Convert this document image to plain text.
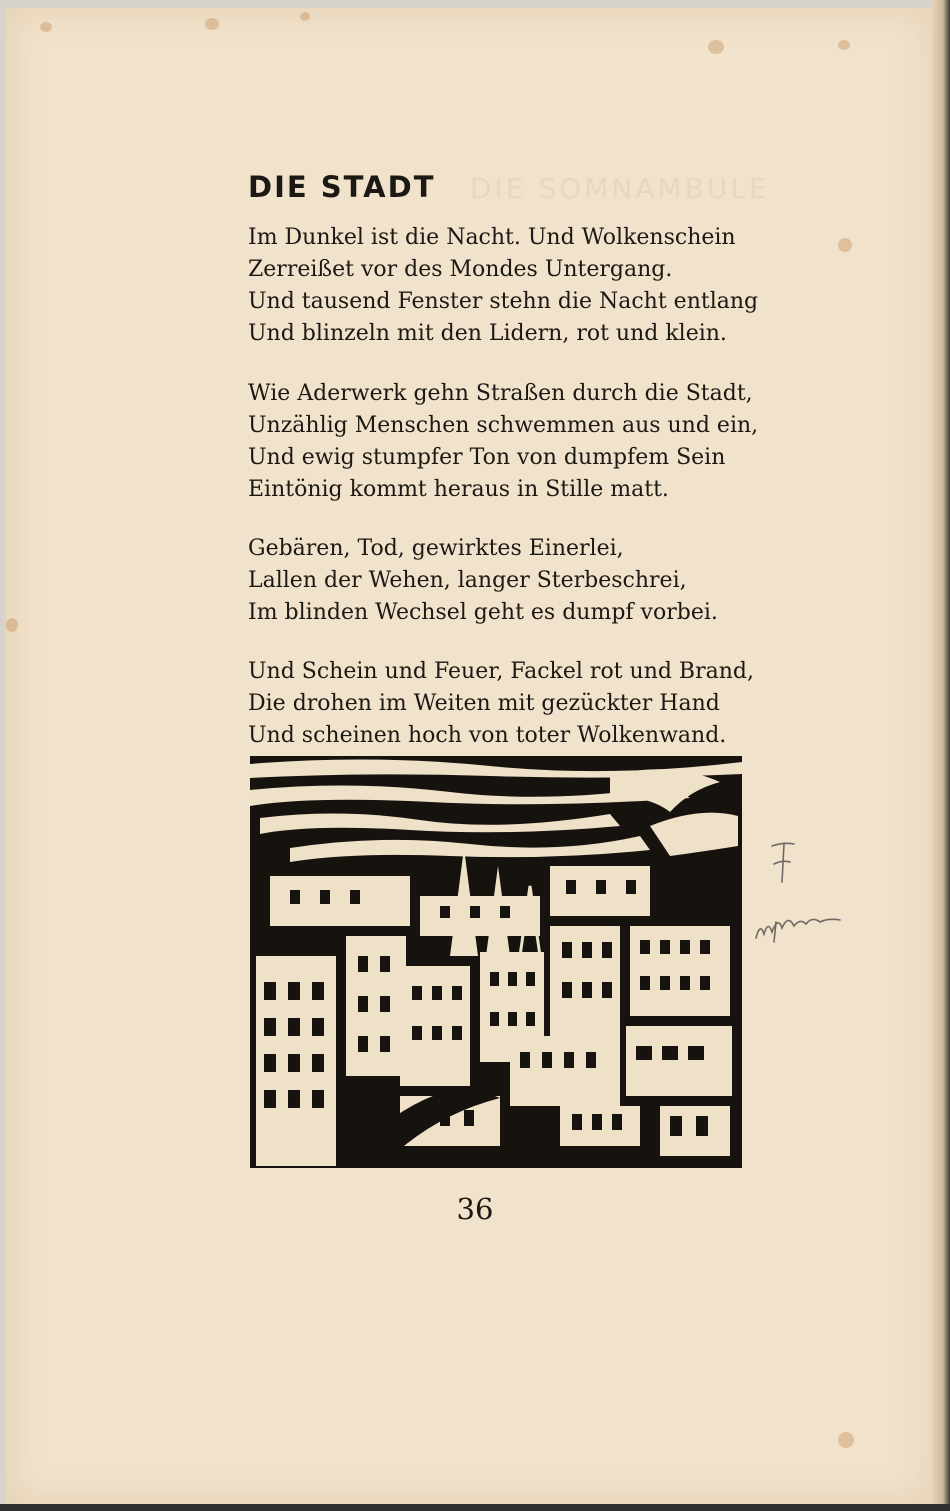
DIE SOMNAMBULE
DIE STADT
Im Dunkel ist die Nacht. Und Wolkenschein
Zerreißet vor des Mondes Untergang.
Und tausend Fenster stehn die Nacht entlang
Und blinzeln mit den Lidern, rot und klein.
Wie Aderwerk gehn Straßen durch die Stadt,
Unzählig Menschen schwemmen aus und ein,
Und ewig stumpfer Ton von dumpfem Sein
Eintönig kommt heraus in Stille matt.
Gebären, Tod, gewirktes Einerlei,
Lallen der Wehen, langer Sterbeschrei,
Im blinden Wechsel geht es dumpf vorbei.
Und Schein und Feuer, Fackel rot und Brand,
Die drohen im Weiten mit gezückter Hand
Und scheinen hoch von toter Wolkenwand.
36
